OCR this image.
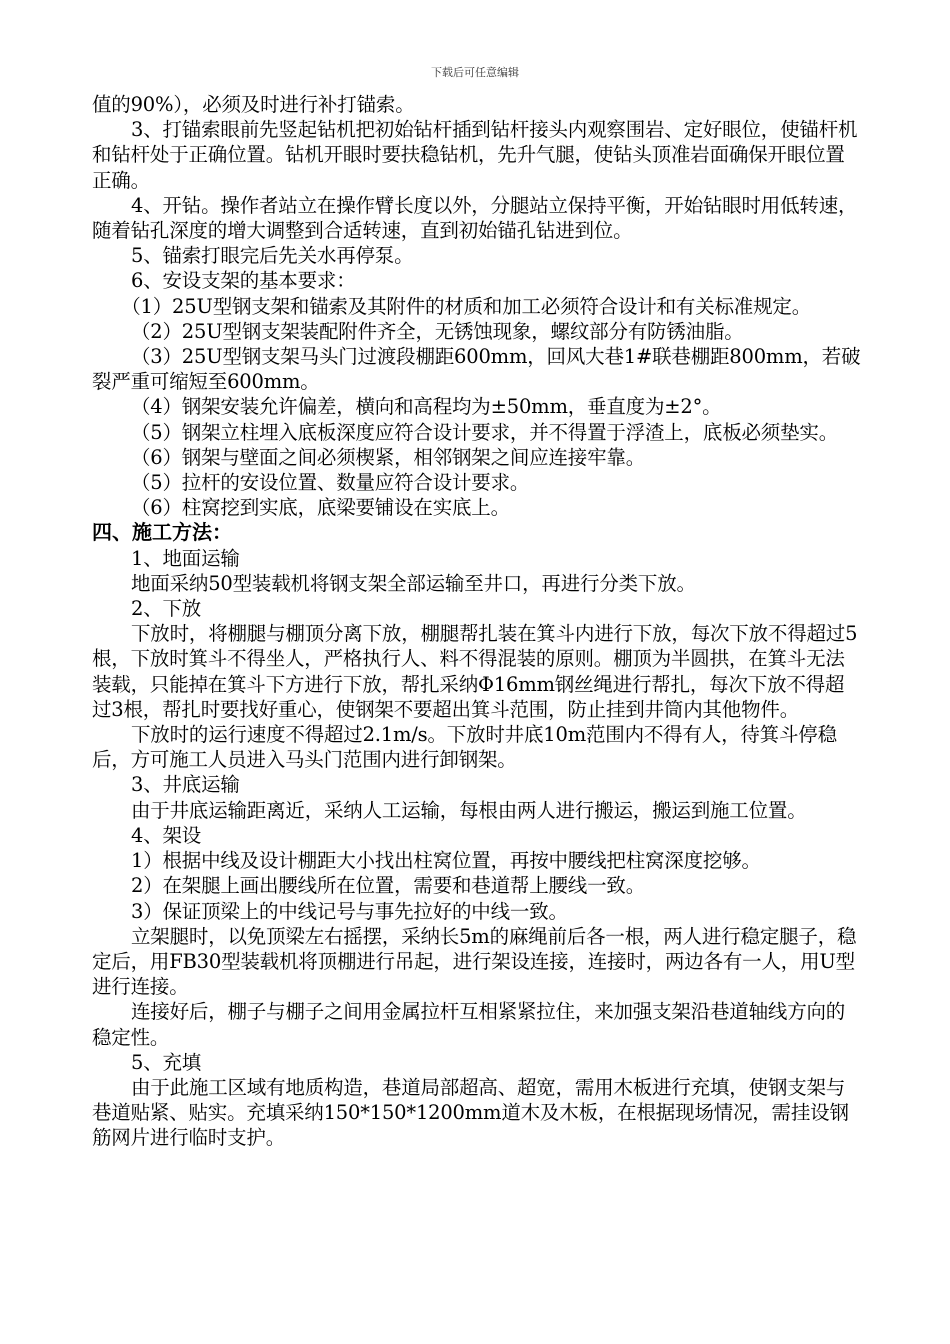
下载后可任意编辑

值的90%），必须及时进行补打锚索。

3、打锚索眼前先竖起钻机把初始钻杆插到钻杆接头内观察围岩、定好眼位，使锚杆机和钻杆处于正确位置。钻机开眼时要扶稳钻机，先升气腿，使钻头顶准岩面确保开眼位置正确。

4、开钻。操作者站立在操作臂长度以外，分腿站立保持平衡，开始钻眼时用低转速，随着钻孔深度的增大调整到合适转速，直到初始锚孔钻进到位。

5、锚索打眼完后先关水再停泵。

6、安设支架的基本要求：

（1）25U型钢支架和锚索及其附件的材质和加工必须符合设计和有关标准规定。

（2）25U型钢支架装配附件齐全，无锈蚀现象，螺纹部分有防锈油脂。

（3）25U型钢支架马头门过渡段棚距600mm，回风大巷1#联巷棚距800mm，若破裂严重可缩短至600mm。

（4）钢架安装允许偏差，横向和高程均为±50mm，垂直度为±2°。

（5）钢架立柱埋入底板深度应符合设计要求，并不得置于浮渣上，底板必须垫实。

（6）钢架与壁面之间必须楔紧，相邻钢架之间应连接牢靠。

（5）拉杆的安设位置、数量应符合设计要求。

（6）柱窝挖到实底，底梁要铺设在实底上。

四、施工方法：

1、地面运输

地面采纳50型装载机将钢支架全部运输至井口，再进行分类下放。

2、下放

下放时，将棚腿与棚顶分离下放，棚腿帮扎装在箕斗内进行下放，每次下放不得超过5根，下放时箕斗不得坐人，严格执行人、料不得混装的原则。棚顶为半圆拱，在箕斗无法装载，只能掉在箕斗下方进行下放，帮扎采纳Φ16mm钢丝绳进行帮扎，每次下放不得超过3根，帮扎时要找好重心，使钢架不要超出箕斗范围，防止挂到井筒内其他物件。

下放时的运行速度不得超过2.1m/s。下放时井底10m范围内不得有人，待箕斗停稳后，方可施工人员进入马头门范围内进行卸钢架。

3、井底运输

由于井底运输距离近，采纳人工运输，每根由两人进行搬运，搬运到施工位置。

4、架设

1）根据中线及设计棚距大小找出柱窝位置，再按中腰线把柱窝深度挖够。

2）在架腿上画出腰线所在位置，需要和巷道帮上腰线一致。

3）保证顶梁上的中线记号与事先拉好的中线一致。

立架腿时，以免顶梁左右摇摆，采纳长5m的麻绳前后各一根，两人进行稳定腿子，稳定后，用FB30型装载机将顶棚进行吊起，进行架设连接，连接时，两边各有一人，用U型进行连接。

连接好后，棚子与棚子之间用金属拉杆互相紧紧拉住，来加强支架沿巷道轴线方向的稳定性。

5、充填

由于此施工区域有地质构造，巷道局部超高、超宽，需用木板进行充填，使钢支架与巷道贴紧、贴实。充填采纳150*150*1200mm道木及木板，在根据现场情况，需挂设钢筋网片进行临时支护。
